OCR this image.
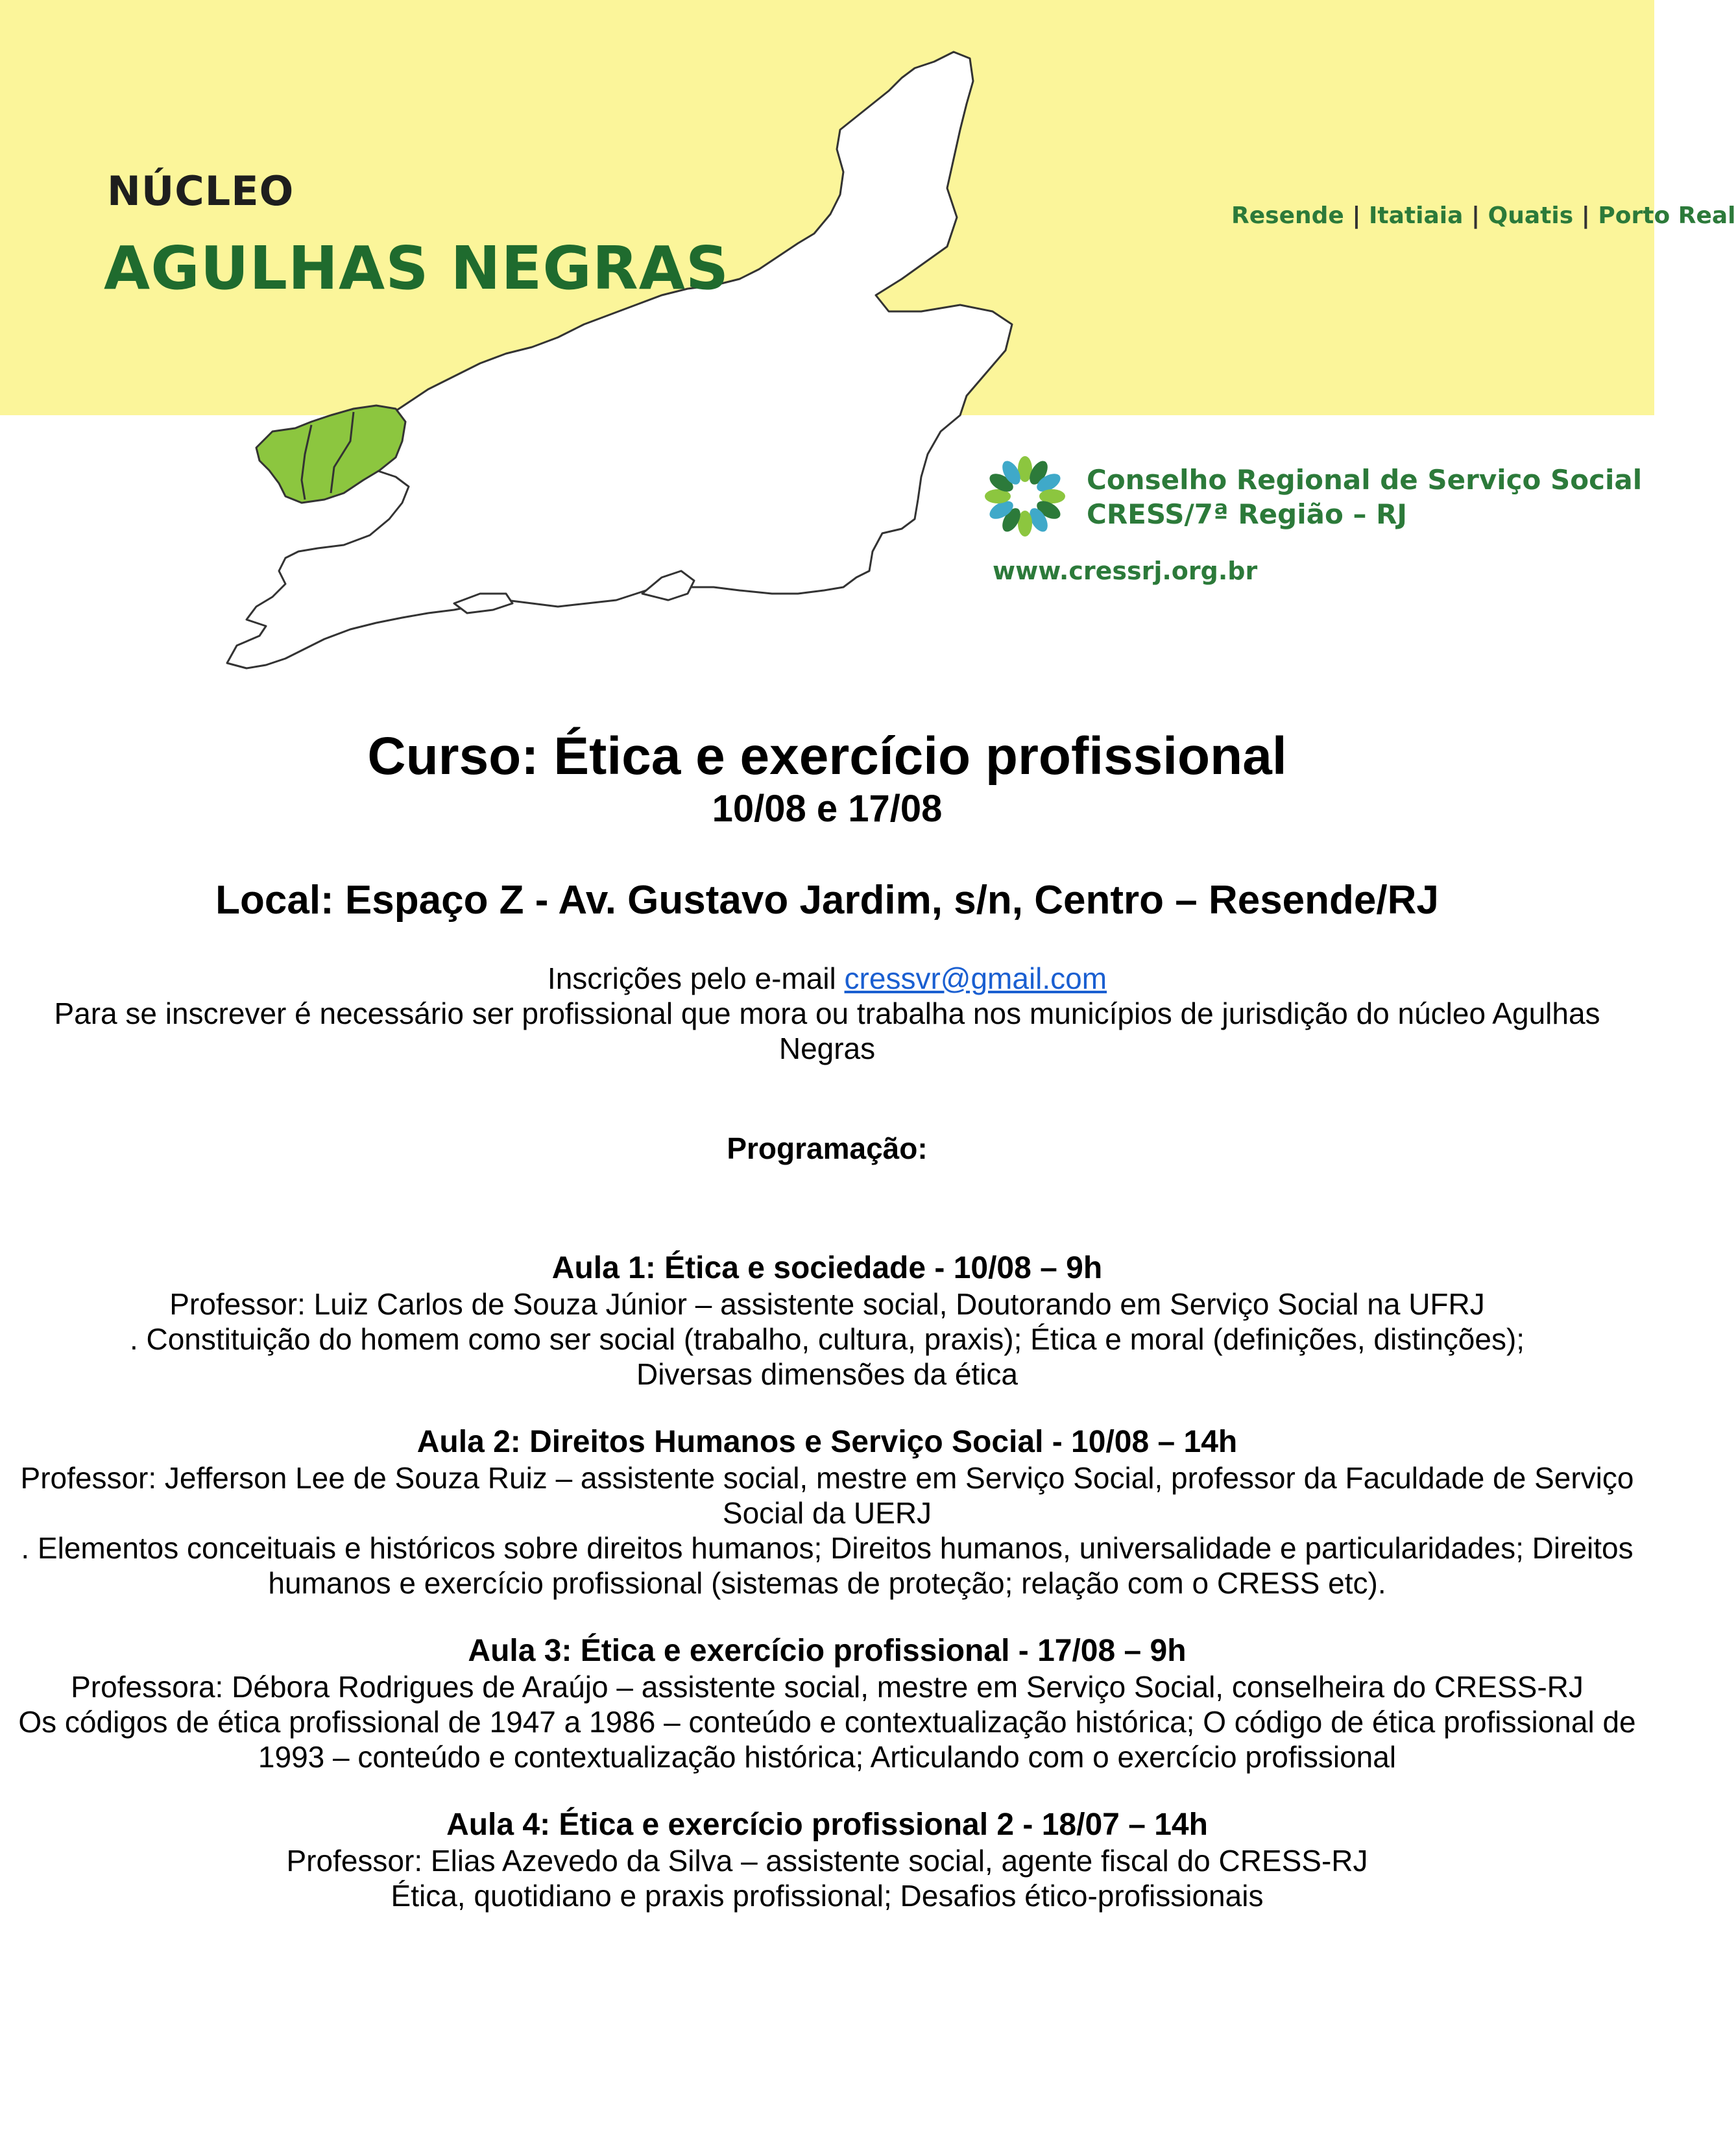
NÚCLEO
AGULHAS NEGRAS
Resende | Itatiaia | Quatis | Porto Real
Conselho Regional de Serviço Social
CRESS/7ª Região – RJ
www.cressrj.org.br

Curso: Ética e exercício profissional

10/08 e 17/08

Local: Espaço Z - Av. Gustavo Jardim, s/n, Centro – Resende/RJ

Inscrições pelo e-mail cressvr@gmail.com

Para se inscrever é necessário ser profissional que mora ou trabalha nos municípios de jurisdição do núcleo Agulhas Negras

Programação:

Aula 1: Ética e sociedade - 10/08 – 9h

Professor: Luiz Carlos de Souza Júnior – assistente social, Doutorando em Serviço Social na UFRJ

. Constituição do homem como ser social (trabalho, cultura, praxis); Ética e moral (definições, distinções); Diversas dimensões da ética

Aula 2: Direitos Humanos e Serviço Social - 10/08 – 14h

Professor: Jefferson Lee de Souza Ruiz – assistente social, mestre em Serviço Social, professor da Faculdade de Serviço Social da UERJ

. Elementos conceituais e históricos sobre direitos humanos; Direitos humanos, universalidade e particularidades; Direitos humanos e exercício profissional (sistemas de proteção; relação com o CRESS etc).

Aula 3: Ética e exercício profissional - 17/08 – 9h

Professora: Débora Rodrigues de Araújo – assistente social, mestre em Serviço Social, conselheira do CRESS-RJ

Os códigos de ética profissional de 1947 a 1986 – conteúdo e contextualização histórica; O código de ética profissional de 1993 – conteúdo e contextualização histórica; Articulando com o exercício profissional

Aula 4: Ética e exercício profissional 2 - 18/07 – 14h

Professor: Elias Azevedo da Silva – assistente social, agente fiscal do CRESS-RJ

Ética, quotidiano e praxis profissional; Desafios ético-profissionais
